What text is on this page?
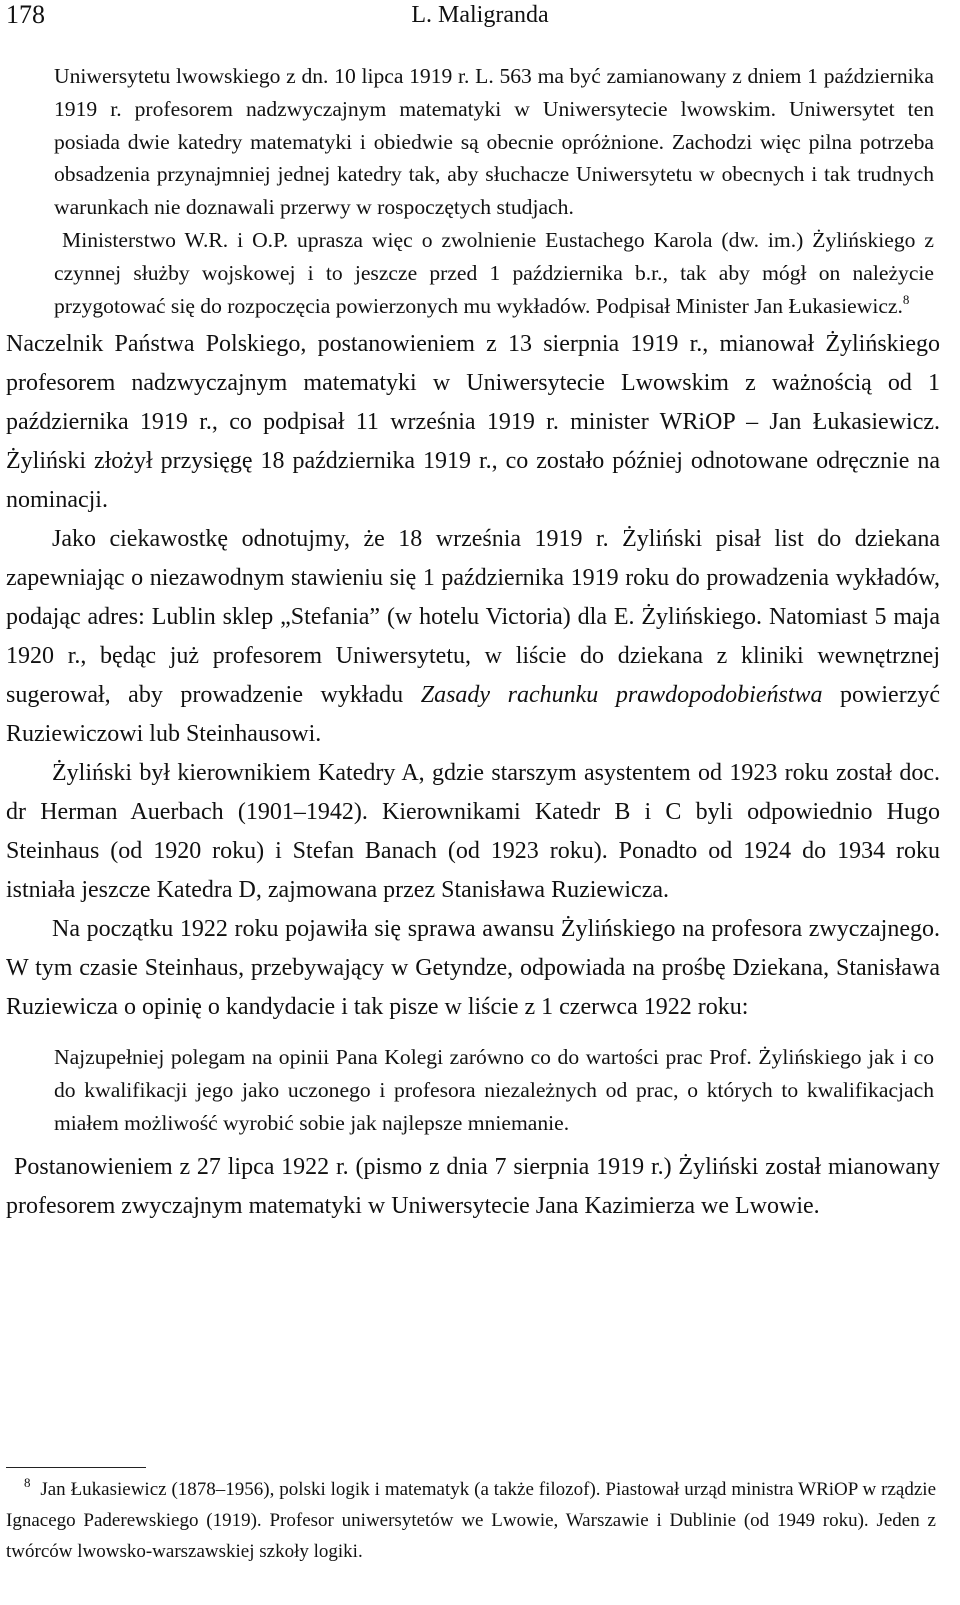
178	L. Maligranda

Uniwersytetu lwowskiego z dn. 10 lipca 1919 r. L. 563 ma być zamianowany z dniem 1 października 1919 r. profesorem nadzwyczajnym matematyki w Uniwersytecie lwowskim. Uniwersytet ten posiada dwie katedry matematyki i obiedwie są obecnie opróżnione. Zachodzi więc pilna potrzeba obsadzenia przynajmniej jednej katedry tak, aby słuchacze Uniwersytetu w obecnych i tak trudnych warunkach nie doznawali przerwy w rospoczętych studjach.

Ministerstwo W.R. i O.P. uprasza więc o zwolnienie Eustachego Karola (dw. im.) Żylińskiego z czynnej służby wojskowej i to jeszcze przed 1 października b.r., tak aby mógł on należycie przygotować się do rozpoczęcia powierzonych mu wykładów. Podpisał Minister Jan Łukasiewicz.$^8$

Naczelnik Państwa Polskiego, postanowieniem z 13 sierpnia 1919 r., mianował Żylińskiego profesorem nadzwyczajnym matematyki w Uniwersytecie Lwowskim z ważnością od 1 października 1919 r., co podpisał 11 września 1919 r. minister WRiOP – Jan Łukasiewicz. Żyliński złożył przysięgę 18 października 1919 r., co zostało później odnotowane odręcznie na nominacji.

Jako ciekawostkę odnotujmy, że 18 września 1919 r. Żyliński pisał list do dziekana zapewniając o niezawodnym stawieniu się 1 października 1919 roku do prowadzenia wykładów, podając adres: Lublin sklep „Stefania” (w hotelu Victoria) dla E. Żylińskiego. Natomiast 5 maja 1920 r., będąc już profesorem Uniwersytetu, w liście do dziekana z kliniki wewnętrznej sugerował, aby prowadzenie wykładu Zasady rachunku prawdopodobieństwa powierzyć Ruziewiczowi lub Steinhausowi.

Żyliński był kierownikiem Katedry A, gdzie starszym asystentem od 1923 roku został doc. dr Herman Auerbach (1901–1942). Kierownikami Katedr B i C byli odpowiednio Hugo Steinhaus (od 1920 roku) i Stefan Banach (od 1923 roku). Ponadto od 1924 do 1934 roku istniała jeszcze Katedra D, zajmowana przez Stanisława Ruziewicza.

Na początku 1922 roku pojawiła się sprawa awansu Żylińskiego na profesora zwyczajnego. W tym czasie Steinhaus, przebywający w Getyndze, odpowiada na prośbę Dziekana, Stanisława Ruziewicza o opinię o kandydacie i tak pisze w liście z 1 czerwca 1922 roku:

Najzupełniej polegam na opinii Pana Kolegi zarówno co do wartości prac Prof. Żylińskiego jak i co do kwalifikacji jego jako uczonego i profesora niezależnych od prac, o których to kwalifikacjach miałem możliwość wyrobić sobie jak najlepsze mniemanie.

Postanowieniem z 27 lipca 1922 r. (pismo z dnia 7 sierpnia 1919 r.) Żyliński został mianowany profesorem zwyczajnym matematyki w Uniwersytecie Jana Kazimierza we Lwowie.

$^8$ Jan Łukasiewicz (1878–1956), polski logik i matematyk (a także filozof). Piastował urząd ministra WRiOP w rządzie Ignacego Paderewskiego (1919). Profesor uniwersytetów we Lwowie, Warszawie i Dublinie (od 1949 roku). Jeden z twórców lwowsko-warszawskiej szkoły logiki.
